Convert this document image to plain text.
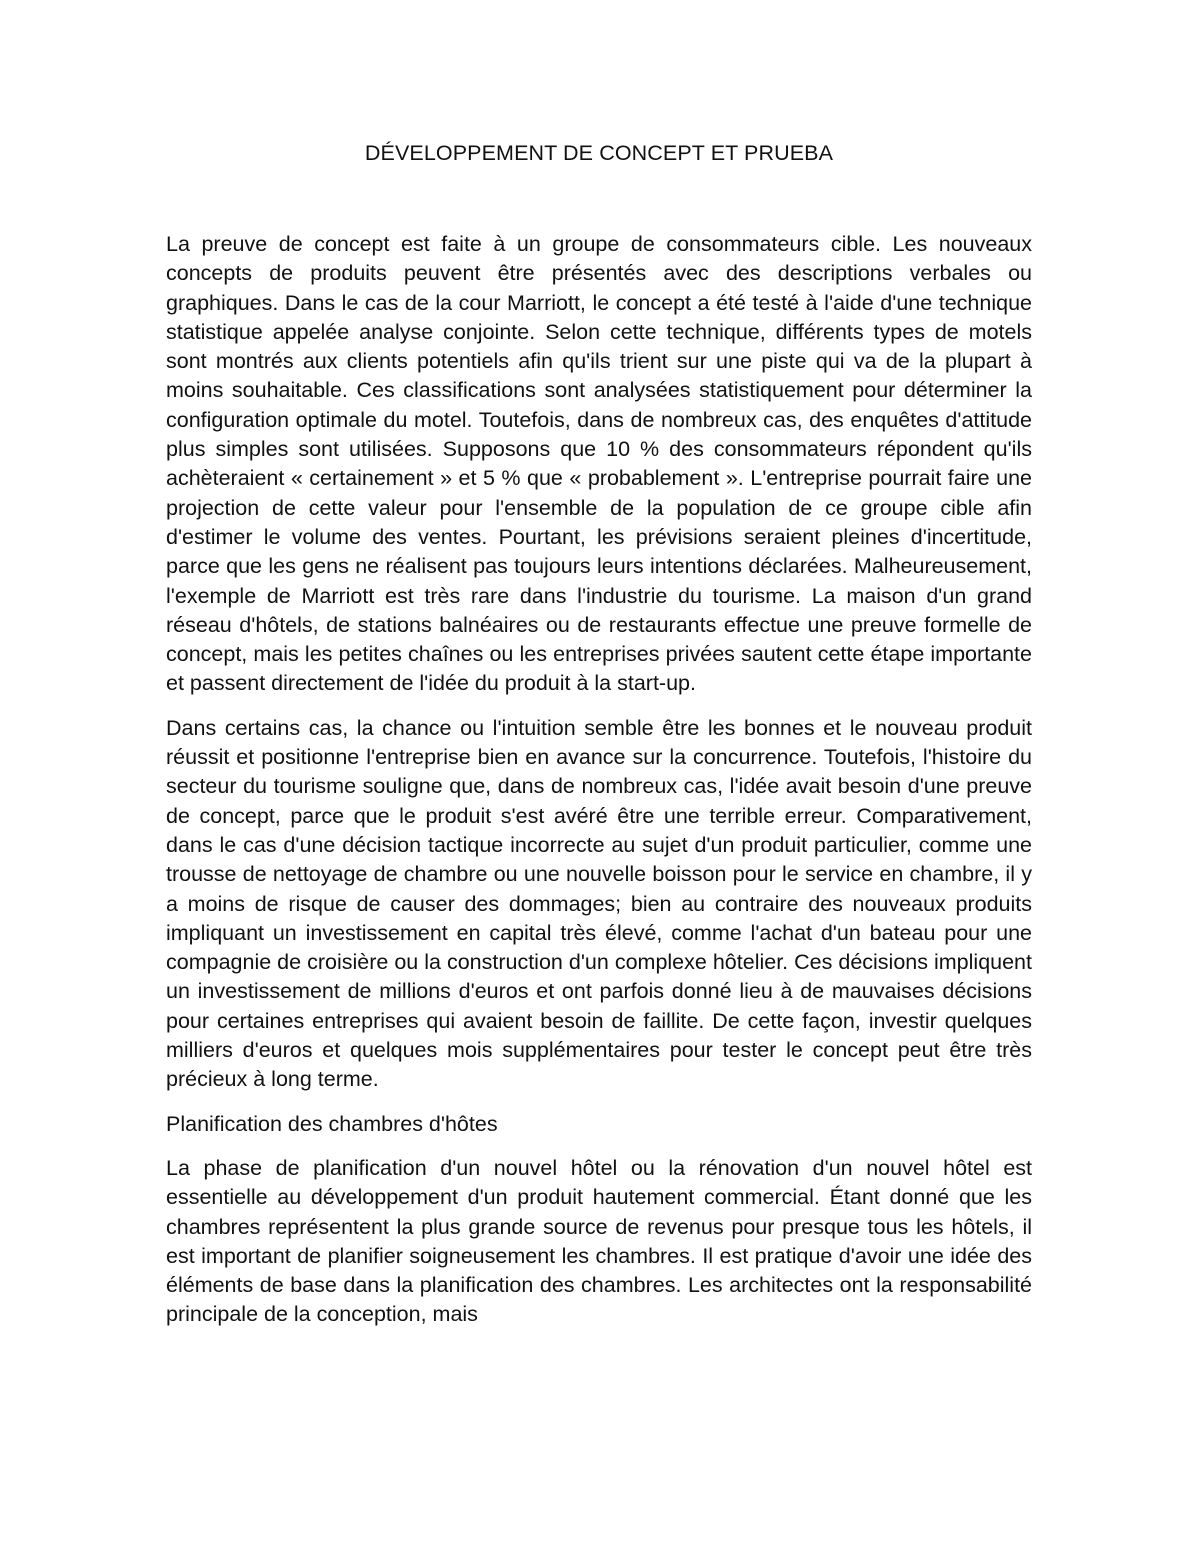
DÉVELOPPEMENT DE CONCEPT ET PRUEBA

La preuve de concept est faite à un groupe de consommateurs cible. Les nouveaux concepts de produits peuvent être présentés avec des descriptions verbales ou graphiques. Dans le cas de la cour Marriott, le concept a été testé à l'aide d'une technique statistique appelée analyse conjointe. Selon cette technique, différents types de motels sont montrés aux clients potentiels afin qu'ils trient sur une piste qui va de la plupart à moins souhaitable. Ces classifications sont analysées statistiquement pour déterminer la configuration optimale du motel. Toutefois, dans de nombreux cas, des enquêtes d'attitude plus simples sont utilisées. Supposons que 10 % des consommateurs répondent qu'ils achèteraient « certainement » et 5 % que « probablement ». L'entreprise pourrait faire une projection de cette valeur pour l'ensemble de la population de ce groupe cible afin d'estimer le volume des ventes. Pourtant, les prévisions seraient pleines d'incertitude, parce que les gens ne réalisent pas toujours leurs intentions déclarées. Malheureusement, l'exemple de Marriott est très rare dans l'industrie du tourisme. La maison d'un grand réseau d'hôtels, de stations balnéaires ou de restaurants effectue une preuve formelle de concept, mais les petites chaînes ou les entreprises privées sautent cette étape importante et passent directement de l'idée du produit à la start-up.

Dans certains cas, la chance ou l'intuition semble être les bonnes et le nouveau produit réussit et positionne l'entreprise bien en avance sur la concurrence. Toutefois, l'histoire du secteur du tourisme souligne que, dans de nombreux cas, l'idée avait besoin d'une preuve de concept, parce que le produit s'est avéré être une terrible erreur. Comparativement, dans le cas d'une décision tactique incorrecte au sujet d'un produit particulier, comme une trousse de nettoyage de chambre ou une nouvelle boisson pour le service en chambre, il y a moins de risque de causer des dommages; bien au contraire des nouveaux produits impliquant un investissement en capital très élevé, comme l'achat d'un bateau pour une compagnie de croisière ou la construction d'un complexe hôtelier. Ces décisions impliquent un investissement de millions d'euros et ont parfois donné lieu à de mauvaises décisions pour certaines entreprises qui avaient besoin de faillite. De cette façon, investir quelques milliers d'euros et quelques mois supplémentaires pour tester le concept peut être très précieux à long terme.

Planification des chambres d'hôtes

La phase de planification d'un nouvel hôtel ou la rénovation d'un nouvel hôtel est essentielle au développement d'un produit hautement commercial. Étant donné que les chambres représentent la plus grande source de revenus pour presque tous les hôtels, il est important de planifier soigneusement les chambres. Il est pratique d'avoir une idée des éléments de base dans la planification des chambres. Les architectes ont la responsabilité principale de la conception, mais
